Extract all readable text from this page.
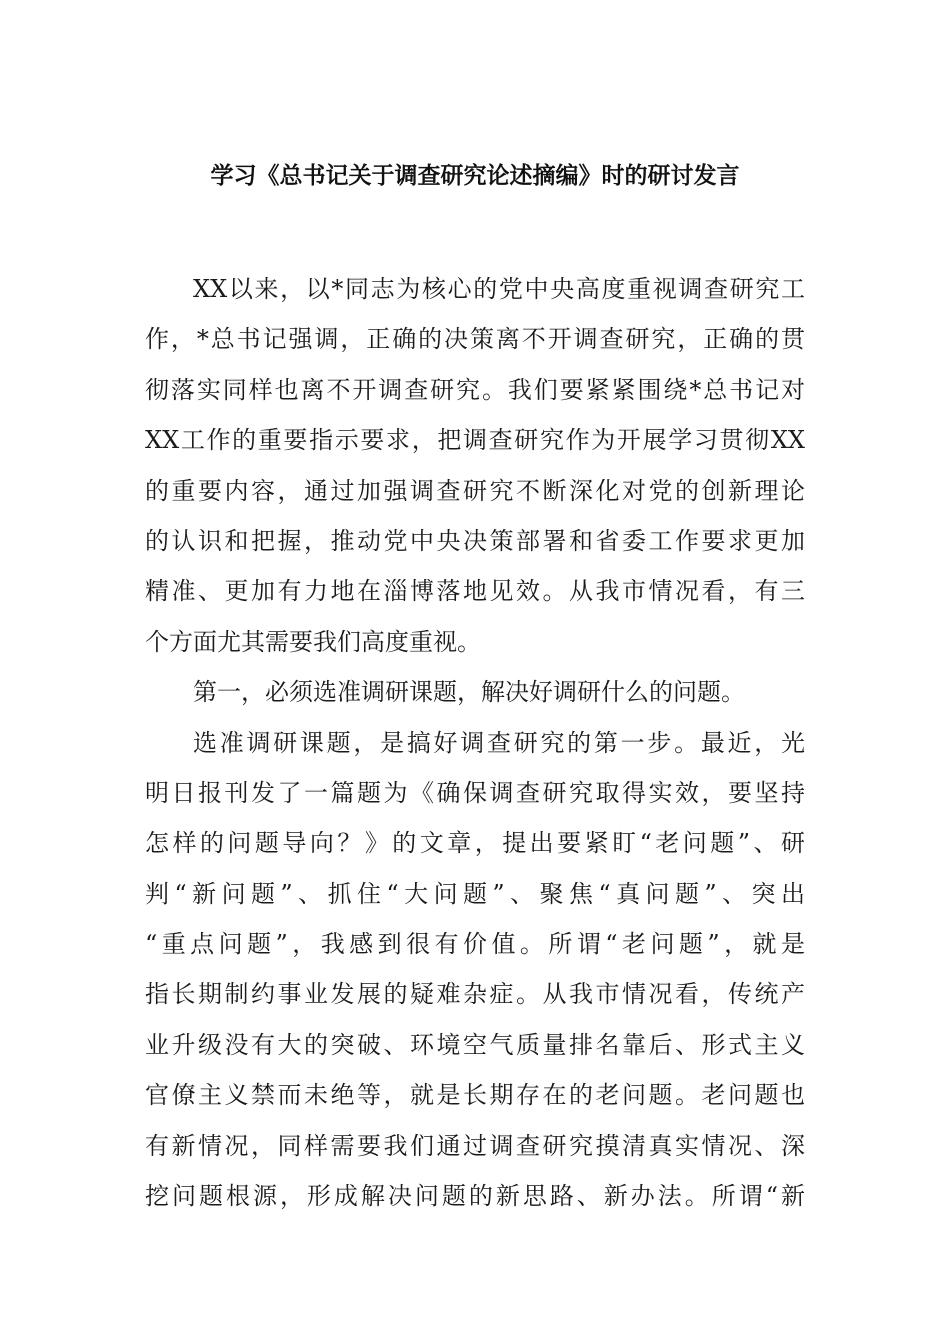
学习《总书记关于调查研究论述摘编》时的研讨发言
XX以来，以*同志为核心的党中央高度重视调查研究工
作，*总书记强调，正确的决策离不开调查研究，正确的贯
彻落实同样也离不开调查研究。我们要紧紧围绕*总书记对
XX工作的重要指示要求，把调查研究作为开展学习贯彻XX
的重要内容，通过加强调查研究不断深化对党的创新理论
的认识和把握，推动党中央决策部署和省委工作要求更加
精准、更加有力地在淄博落地见效。从我市情况看，有三
个方面尤其需要我们高度重视。
第一，必须选准调研课题，解决好调研什么的问题。
选准调研课题，是搞好调查研究的第一步。最近，光
明日报刊发了一篇题为《确保调查研究取得实效，要坚持
怎样的问题导向？》的文章，提出要紧盯“老问题”、研
判“新问题”、抓住“大问题”、聚焦“真问题”、突出
“重点问题”，我感到很有价值。所谓“老问题”，就是
指长期制约事业发展的疑难杂症。从我市情况看，传统产
业升级没有大的突破、环境空气质量排名靠后、形式主义
官僚主义禁而未绝等，就是长期存在的老问题。老问题也
有新情况，同样需要我们通过调查研究摸清真实情况、深
挖问题根源，形成解决问题的新思路、新办法。所谓“新
